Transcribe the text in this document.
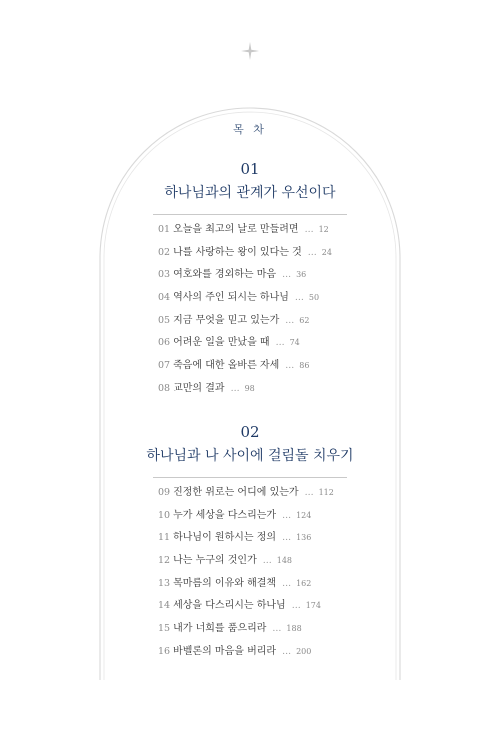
목 차
01
하나님과의 관계가 우선이다
01 오늘을 최고의 날로 만들려면 … 12
02 나를 사랑하는 왕이 있다는 것 … 24
03 여호와를 경외하는 마음 … 36
04 역사의 주인 되시는 하나님 … 50
05 지금 무엇을 믿고 있는가 … 62
06 어려운 일을 만났을 때 … 74
07 죽음에 대한 올바른 자세 … 86
08 교만의 결과 … 98
02
하나님과 나 사이에 걸림돌 치우기
09 진정한 위로는 어디에 있는가 … 112
10 누가 세상을 다스리는가 … 124
11 하나님이 원하시는 정의 … 136
12 나는 누구의 것인가 … 148
13 목마름의 이유와 해결책 … 162
14 세상을 다스리시는 하나님 … 174
15 내가 너희를 품으리라 … 188
16 바벨론의 마음을 버리라 … 200
